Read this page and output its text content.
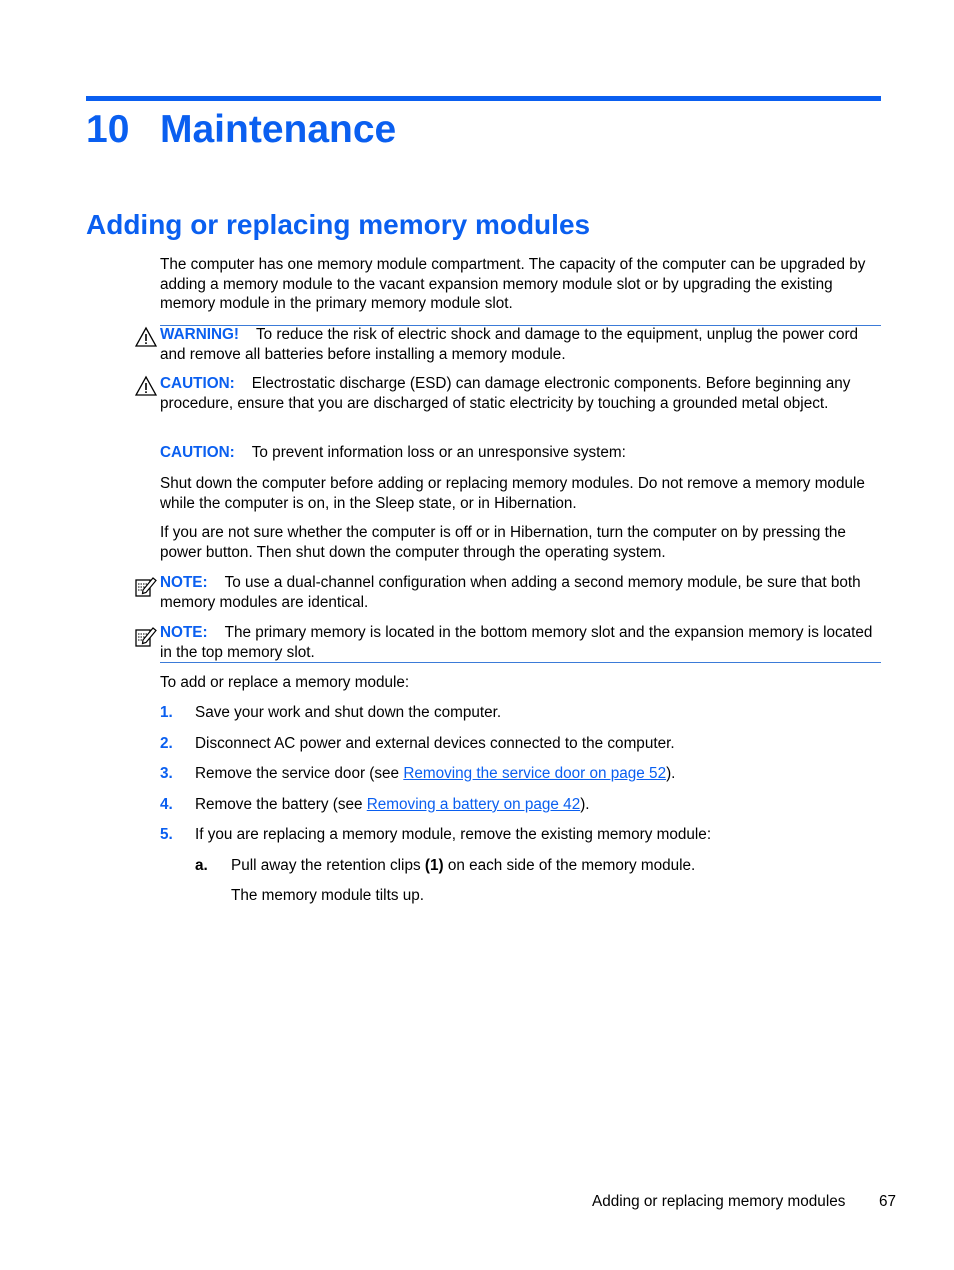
10 Maintenance
Adding or replacing memory modules

The computer has one memory module compartment. The capacity of the computer can be upgraded by adding a memory module to the vacant expansion memory module slot or by upgrading the existing memory module in the primary memory module slot.

WARNING! To reduce the risk of electric shock and damage to the equipment, unplug the power cord and remove all batteries before installing a memory module.

CAUTION: Electrostatic discharge (ESD) can damage electronic components. Before beginning any procedure, ensure that you are discharged of static electricity by touching a grounded metal object.

CAUTION: To prevent information loss or an unresponsive system:

Shut down the computer before adding or replacing memory modules. Do not remove a memory module while the computer is on, in the Sleep state, or in Hibernation.

If you are not sure whether the computer is off or in Hibernation, turn the computer on by pressing the power button. Then shut down the computer through the operating system.

NOTE: To use a dual-channel configuration when adding a second memory module, be sure that both memory modules are identical.

NOTE: The primary memory is located in the bottom memory slot and the expansion memory is located in the top memory slot.

To add or replace a memory module:

1. Save your work and shut down the computer.
2. Disconnect AC power and external devices connected to the computer.
3. Remove the service door (see Removing the service door on page 52).
4. Remove the battery (see Removing a battery on page 42).
5. If you are replacing a memory module, remove the existing memory module:
a. Pull away the retention clips (1) on each side of the memory module.
The memory module tilts up.
Adding or replacing memory modules 67
